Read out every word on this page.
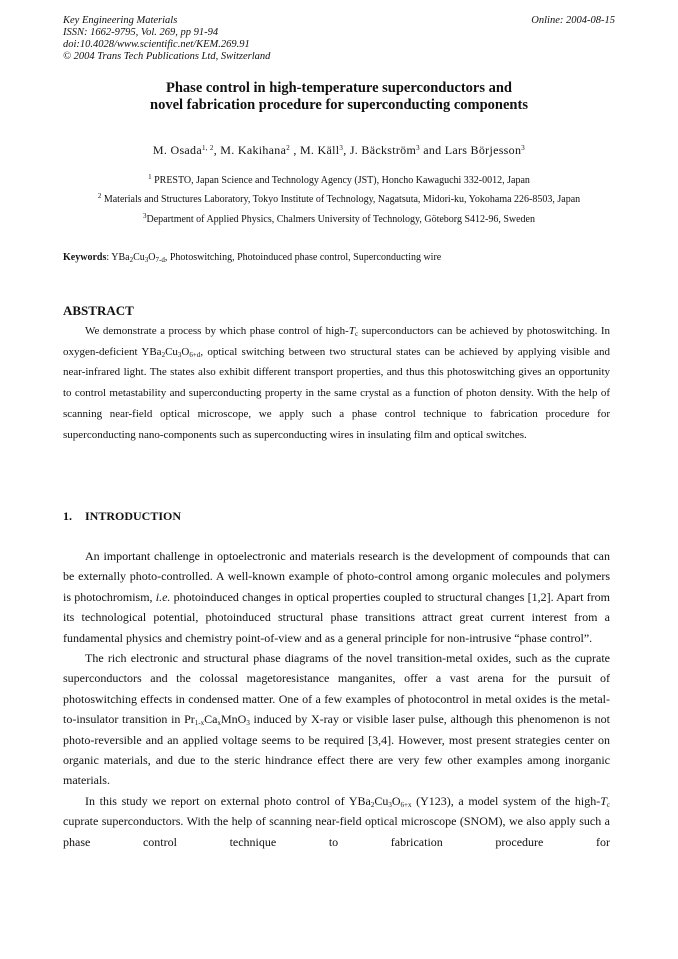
Key Engineering Materials
ISSN: 1662-9795, Vol. 269, pp 91-94
doi:10.4028/www.scientific.net/KEM.269.91
© 2004 Trans Tech Publications Ltd, Switzerland
Online: 2004-08-15
Phase control in high-temperature superconductors and
novel fabrication procedure for superconducting components
M. Osada$^{1, 2}$, M. Kakihana$^2$ , M. Käll$^3$, J. Bäckström$^3$ and Lars Börjesson$^3$
$^1$ PRESTO, Japan Science and Technology Agency (JST), Honcho Kawaguchi 332-0012, Japan
$^2$ Materials and Structures Laboratory, Tokyo Institute of Technology, Nagatsuta, Midori-ku, Yokohama 226-8503, Japan
$^3$Department of Applied Physics, Chalmers University of Technology, Göteborg S412-96, Sweden
Keywords: $YBa_2Cu_3O_{7-d}$, Photoswitching, Photoinduced phase control, Superconducting wire
ABSTRACT

We demonstrate a process by which phase control of high-$T_c$ superconductors can be achieved by photoswitching. In oxygen-deficient $YBa_2Cu_3O_{6+d}$, optical switching between two structural states can be achieved by applying visible and near-infrared light. The states also exhibit different transport properties, and thus this photoswitching gives an opportunity to control metastability and superconducting property in the same crystal as a function of photon density. With the help of scanning near-field optical microscope, we apply such a phase control technique to fabrication procedure for superconducting nano-components such as superconducting wires in insulating film and optical switches.

1. INTRODUCTION

An important challenge in optoelectronic and materials research is the development of compounds that can be externally photo-controlled. A well-known example of photo-control among organic molecules and polymers is photochromism, i.e. photoinduced changes in optical properties coupled to structural changes [1,2]. Apart from its technological potential, photoinduced structural phase transitions attract great current interest from a fundamental physics and chemistry point-of-view and as a general principle for non-intrusive “phase control”.

The rich electronic and structural phase diagrams of the novel transition-metal oxides, such as the cuprate superconductors and the colossal magetoresistance manganites, offer a vast arena for the pursuit of photoswitching effects in condensed matter. One of a few examples of photocontrol in metal oxides is the metal-to-insulator transition in $Pr_{1-x}Ca_xMnO_3$ induced by X-ray or visible laser pulse, although this phenomenon is not photo-reversible and an applied voltage seems to be required [3,4]. However, most present strategies center on organic materials, and due to the steric hindrance effect there are very few other examples among inorganic materials.

In this study we report on external photo control of $YBa_2Cu_3O_{6+x}$ (Y123), a model system of the high-$T_c$ cuprate superconductors. With the help of scanning near-field optical microscope (SNOM), we also apply such a phase control technique to fabrication procedure for
